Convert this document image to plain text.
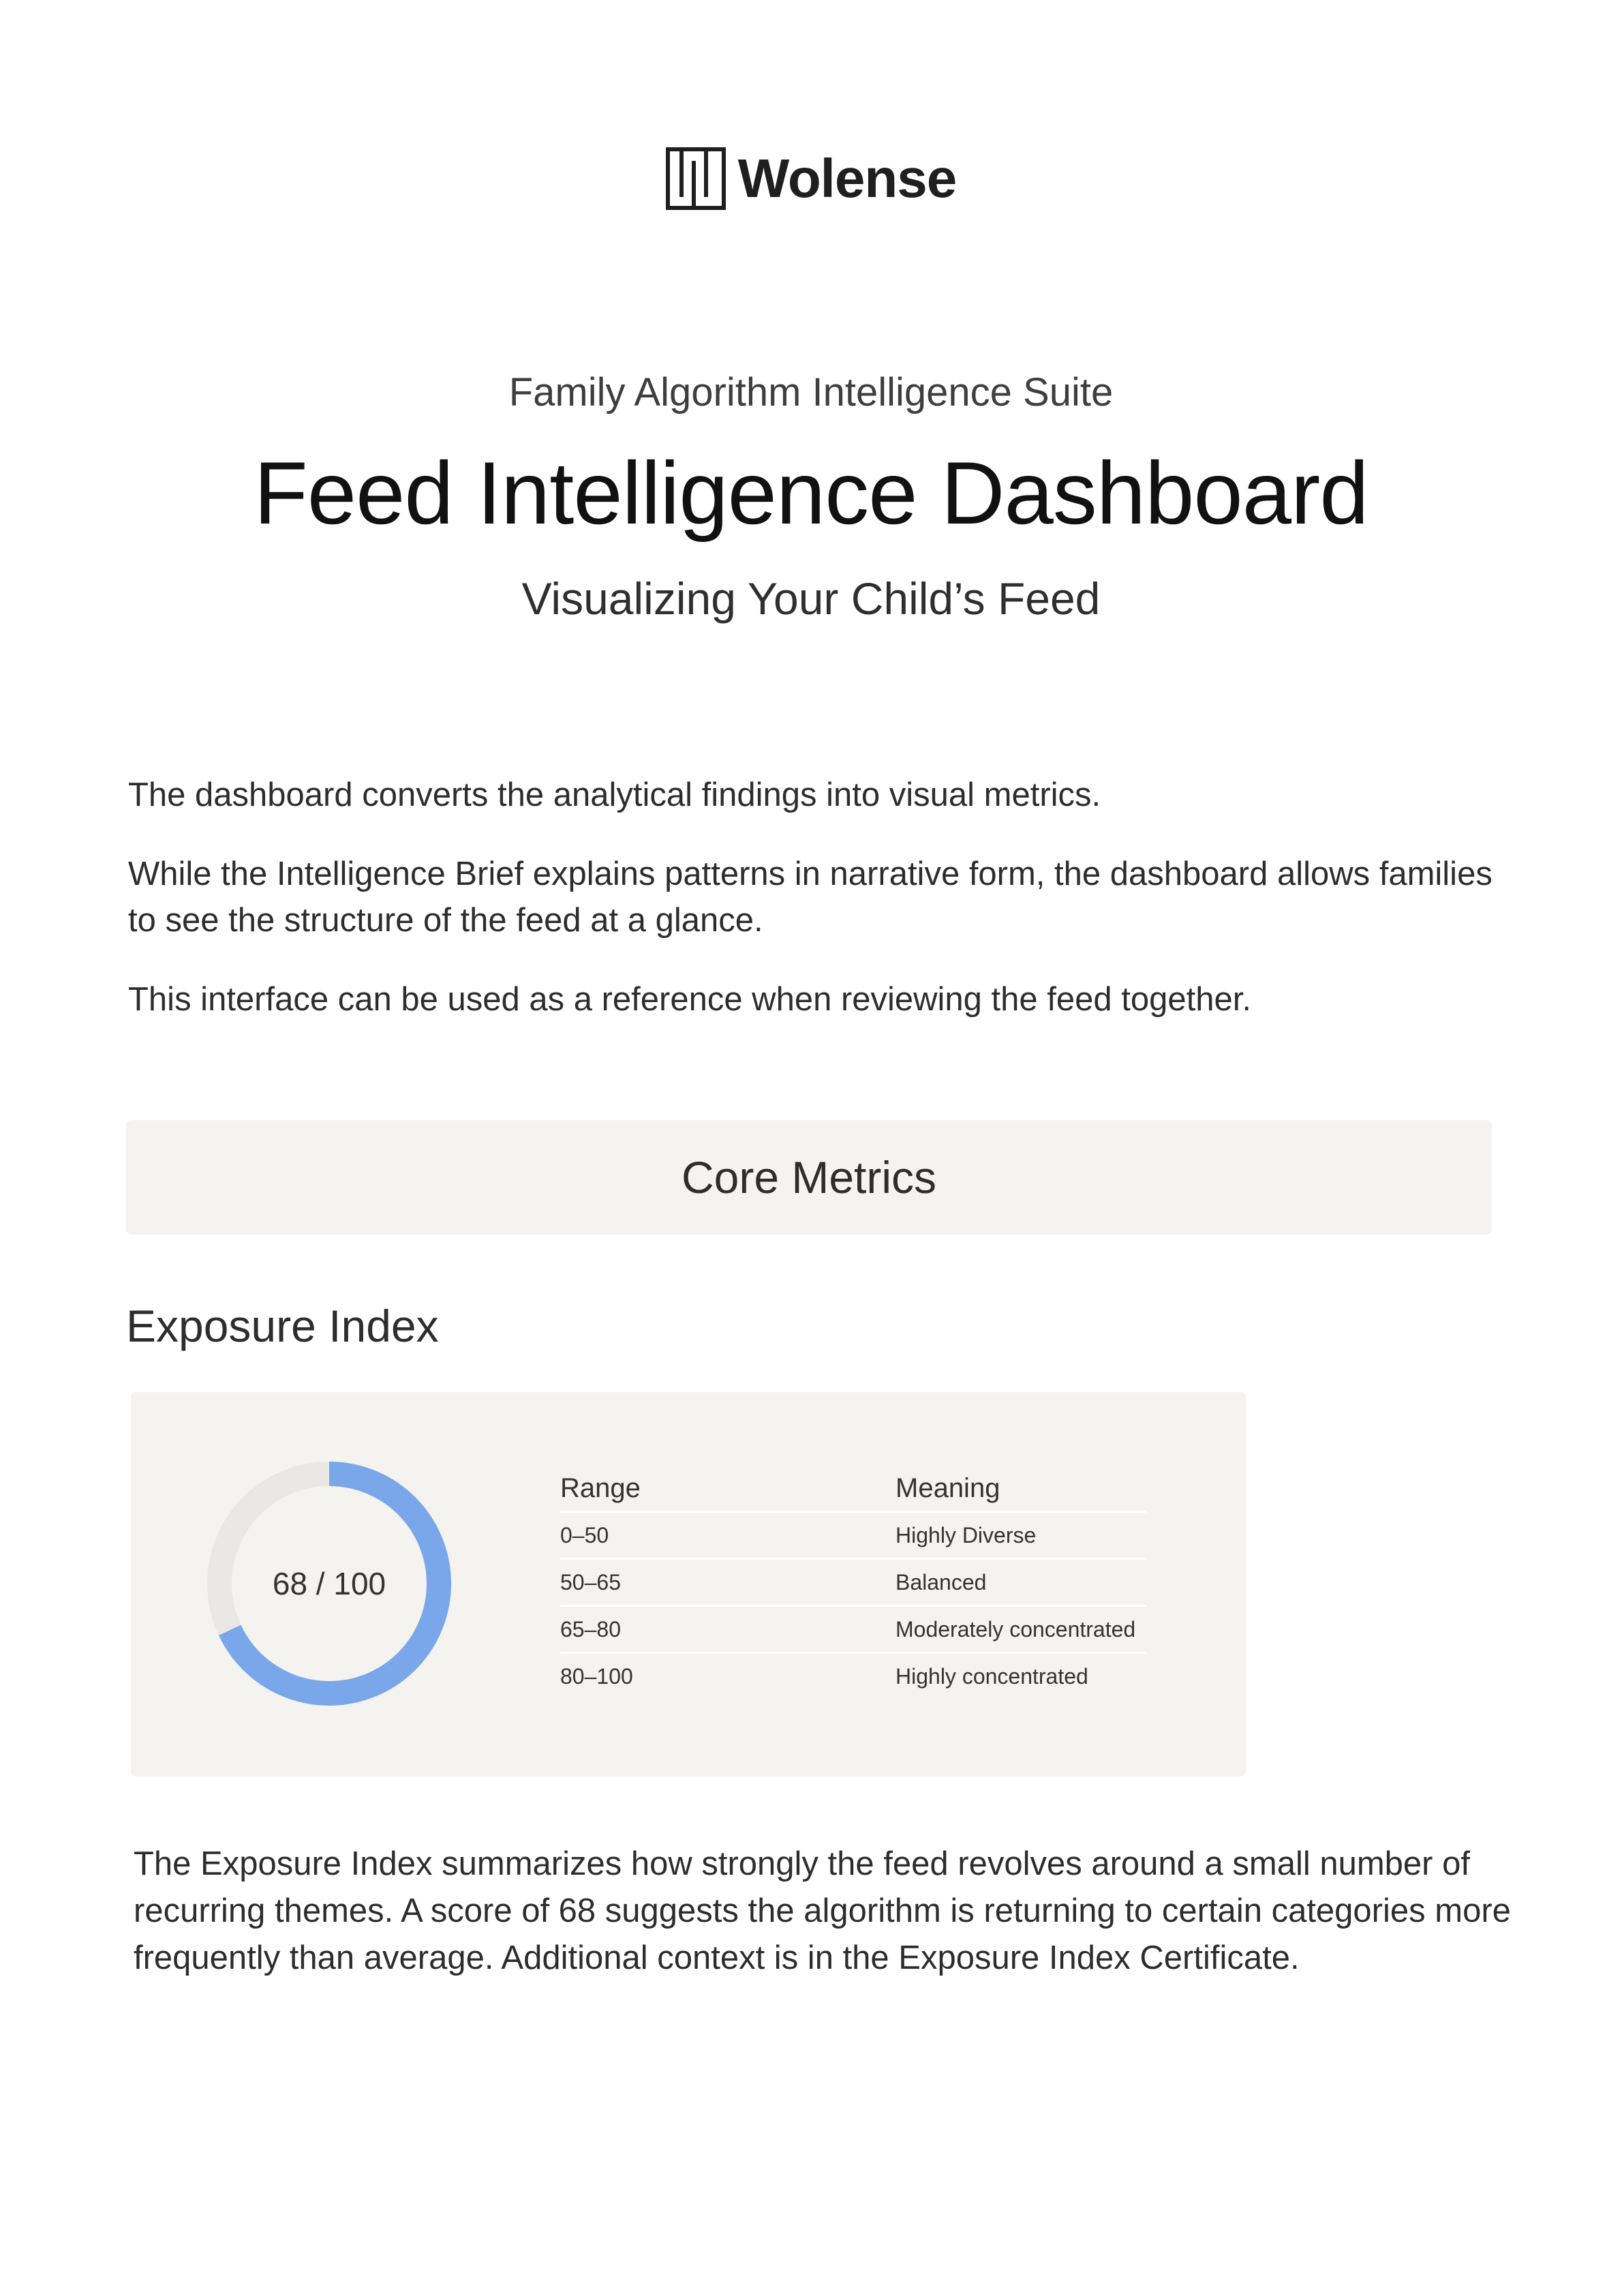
Wolense
Family Algorithm Intelligence Suite
Feed Intelligence Dashboard
Visualizing Your Child’s Feed

The dashboard converts the analytical findings into visual metrics.

While the Intelligence Brief explains patterns in narrative form, the dashboard allows families to see the structure of the feed at a glance.

This interface can be used as a reference when reviewing the feed together.

Core Metrics
Exposure Index
68 / 100
Range	Meaning
0–50	Highly Diverse
50–65	Balanced
65–80	Moderately concentrated
80–100	Highly concentrated

The Exposure Index summarizes how strongly the feed revolves around a small number of recurring themes. A score of 68 suggests the algorithm is returning to certain categories more frequently than average. Additional context is in the Exposure Index Certificate.
